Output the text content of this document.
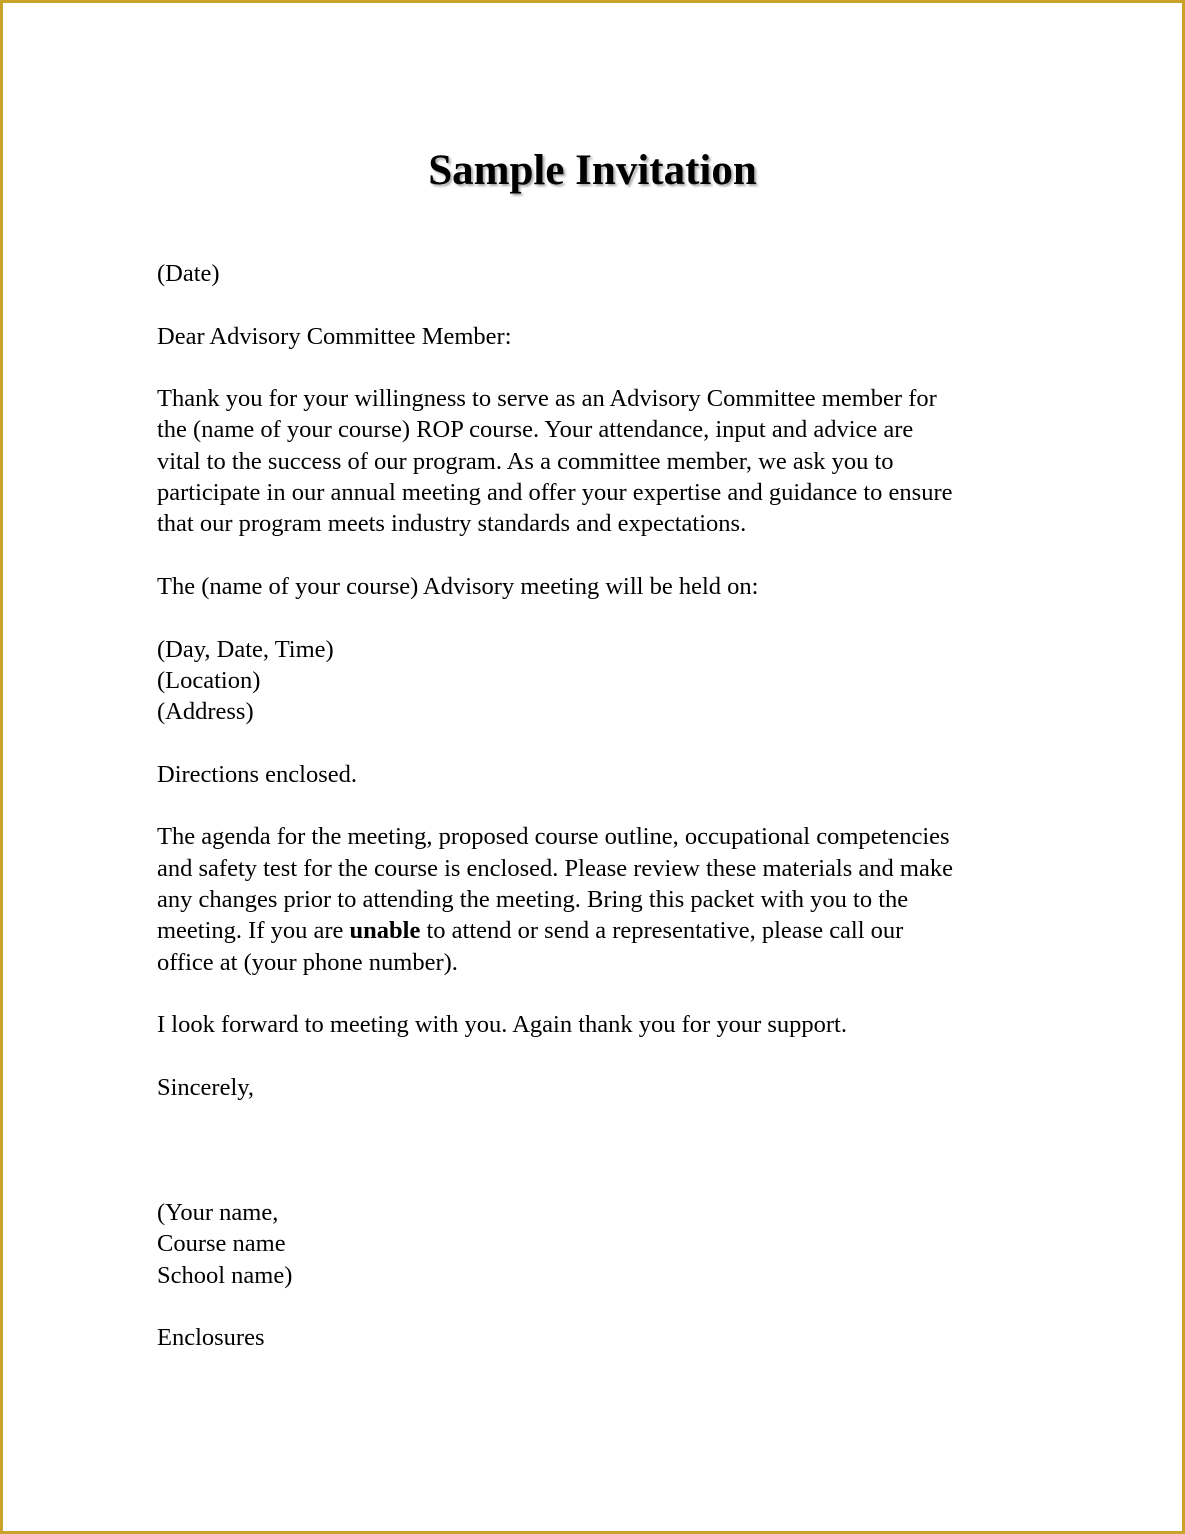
Sample Invitation

(Date)

Dear Advisory Committee Member:

Thank you for your willingness to serve as an Advisory Committee member for
the (name of your course) ROP course. Your attendance, input and advice are
vital to the success of our program. As a committee member, we ask you to
participate in our annual meeting and offer your expertise and guidance to ensure
that our program meets industry standards and expectations.

The (name of your course) Advisory meeting will be held on:

(Day, Date, Time)
(Location)
(Address)

Directions enclosed.

The agenda for the meeting, proposed course outline, occupational competencies
and safety test for the course is enclosed. Please review these materials and make
any changes prior to attending the meeting. Bring this packet with you to the
meeting. If you are unable to attend or send a representative, please call our
office at (your phone number).

I look forward to meeting with you. Again thank you for your support.

Sincerely,

(Your name,
Course name
School name)

Enclosures
